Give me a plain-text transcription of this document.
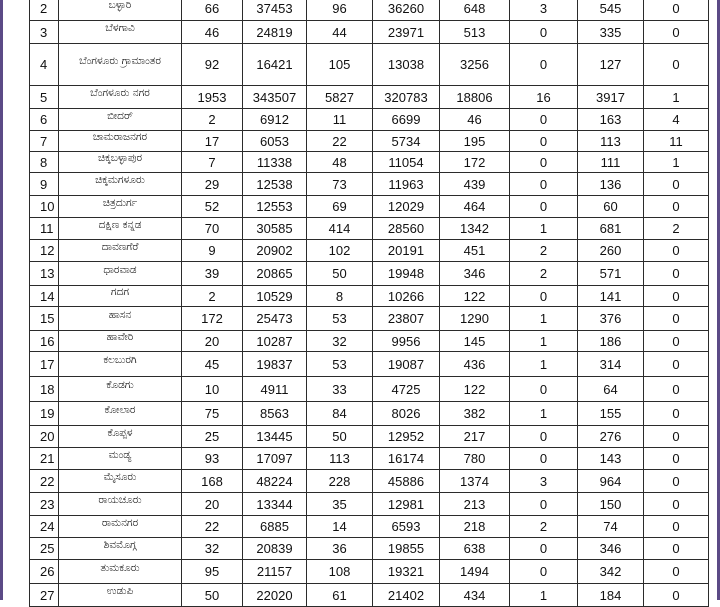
2	ಬಳ್ಳಾರಿ	66	37453	96	36260	648	3	545	0
3	ಬೆಳಗಾವಿ	46	24819	44	23971	513	0	335	0
4	ಬೆಂಗಳೂರು ಗ್ರಾಮಾಂತರ	92	16421	105	13038	3256	0	127	0
5	ಬೆಂಗಳೂರು ನಗರ	1953	343507	5827	320783	18806	16	3917	1
6	ಬೀದರ್	2	6912	11	6699	46	0	163	4
7	ಚಾಮರಾಜನಗರ	17	6053	22	5734	195	0	113	11
8	ಚಿಕ್ಕಬಳ್ಳಾಪುರ	7	11338	48	11054	172	0	111	1
9	ಚಿಕ್ಕಮಗಳೂರು	29	12538	73	11963	439	0	136	0
10	ಚಿತ್ರದುರ್ಗ	52	12553	69	12029	464	0	60	0
11	ದಕ್ಷಿಣ ಕನ್ನಡ	70	30585	414	28560	1342	1	681	2
12	ದಾವಣಗೆರೆ	9	20902	102	20191	451	2	260	0
13	ಧಾರವಾಡ	39	20865	50	19948	346	2	571	0
14	ಗದಗ	2	10529	8	10266	122	0	141	0
15	ಹಾಸನ	172	25473	53	23807	1290	1	376	0
16	ಹಾವೇರಿ	20	10287	32	9956	145	1	186	0
17	ಕಲಬುರಗಿ	45	19837	53	19087	436	1	314	0
18	ಕೊಡಗು	10	4911	33	4725	122	0	64	0
19	ಕೋಲಾರ	75	8563	84	8026	382	1	155	0
20	ಕೊಪ್ಪಳ	25	13445	50	12952	217	0	276	0
21	ಮಂಡ್ಯ	93	17097	113	16174	780	0	143	0
22	ಮೈಸೂರು	168	48224	228	45886	1374	3	964	0
23	ರಾಯಚೂರು	20	13344	35	12981	213	0	150	0
24	ರಾಮನಗರ	22	6885	14	6593	218	2	74	0
25	ಶಿವಮೊಗ್ಗ	32	20839	36	19855	638	0	346	0
26	ತುಮಕೂರು	95	21157	108	19321	1494	0	342	0
27	ಉಡುಪಿ	50	22020	61	21402	434	1	184	0
